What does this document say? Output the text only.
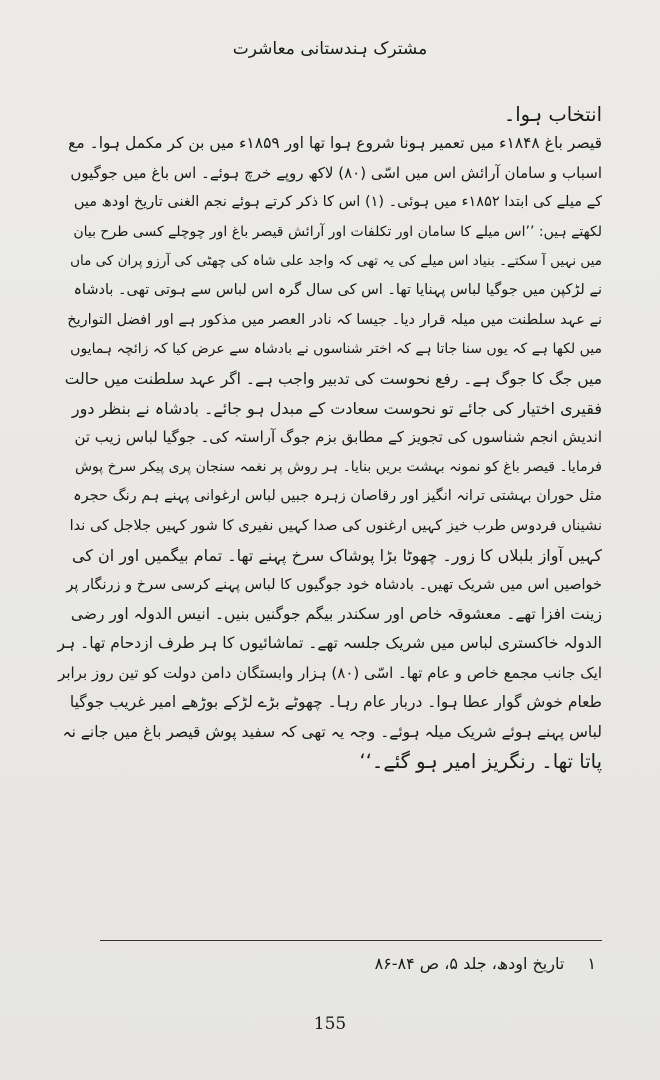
مشترک ہندستانی معاشرت
انتخاب ہوا۔
قیصر باغ ۱۸۴۸ء میں تعمیر ہونا شروع ہوا تھا اور ۱۸۵۹ء میں بن کر مکمل ہوا۔ مع
اسباب و سامان آرائش اس میں اسّی (۸۰) لاکھ روپے خرچ ہوئے۔ اس باغ میں جوگیوں
کے میلے کی ابتدا ۱۸۵۲ء میں ہوئی۔ (۱) اس کا ذکر کرتے ہوئے نجم الغنی تاریخ اودھ میں
لکھتے ہیں: ’’اس میلے کا سامان اور تکلفات اور آرائش قیصر باغ اور چوچلے کسی طرح بیان
میں نہیں آ سکتے۔ بنیاد اس میلے کی یہ تھی کہ واجد علی شاہ کی چھٹی کی آرزو پران کی ماں
نے لڑکپن میں جوگیا لباس پہنایا تھا۔ اس کی سال گرہ اس لباس سے ہوتی تھی۔ بادشاہ
نے عہد سلطنت میں میلہ قرار دیا۔ جیسا کہ نادر العصر میں مذکور ہے اور افضل التواریخ
میں لکھا ہے کہ یوں سنا جاتا ہے کہ اختر شناسوں نے بادشاہ سے عرض کیا کہ زائچہ ہمایوں
میں جگ کا جوگ ہے۔ رفع نحوست کی تدبیر واجب ہے۔ اگر عہد سلطنت میں حالت
فقیری اختیار کی جائے تو نحوست سعادت کے مبدل ہو جائے۔ بادشاہ نے بنظر دور
اندیش انجم شناسوں کی تجویز کے مطابق بزم جوگ آراستہ کی۔ جوگیا لباس زیب تن
فرمایا۔ قیصر باغ کو نمونہ بہشت بریں بنایا۔ ہر روش پر نغمہ سنجان پری پیکر سرخ پوش
مثل حوران بہشتی ترانہ انگیز اور رقاصان زہرہ جبیں لباس ارغوانی پہنے ہم رنگ حجرہ
نشیناں فردوس طرب خیز کہیں ارغنوں کی صدا کہیں نفیری کا شور کہیں جلاجل کی ندا
کہیں آواز بلبلاں کا زور۔ چھوٹا بڑا پوشاک سرخ پہنے تھا۔ تمام بیگمیں اور ان کی
خواصیں اس میں شریک تھیں۔ بادشاہ خود جوگیوں کا لباس پہنے کرسی سرخ و زرنگار پر
زینت افزا تھے۔ معشوقہ خاص اور سکندر بیگم جوگنیں بنیں۔ انیس الدولہ اور رضی
الدولہ خاکستری لباس میں شریک جلسہ تھے۔ تماشائیوں کا ہر طرف ازدحام تھا۔ ہر
ایک جانب مجمع خاص و عام تھا۔ اسّی (۸۰) ہزار وابستگان دامن دولت کو تین روز برابر
طعام خوش گوار عطا ہوا۔ دربار عام رہا۔ چھوٹے بڑے لڑکے بوڑھے امیر غریب جوگیا
لباس پہنے ہوئے شریک میلہ ہوئے۔ وجہ یہ تھی کہ سفید پوش قیصر باغ میں جانے نہ
پاتا تھا۔ رنگریز امیر ہو گئے۔‘‘
۱ تاریخ اودھ، جلد ۵، ص ۸۴-۸۶
155
